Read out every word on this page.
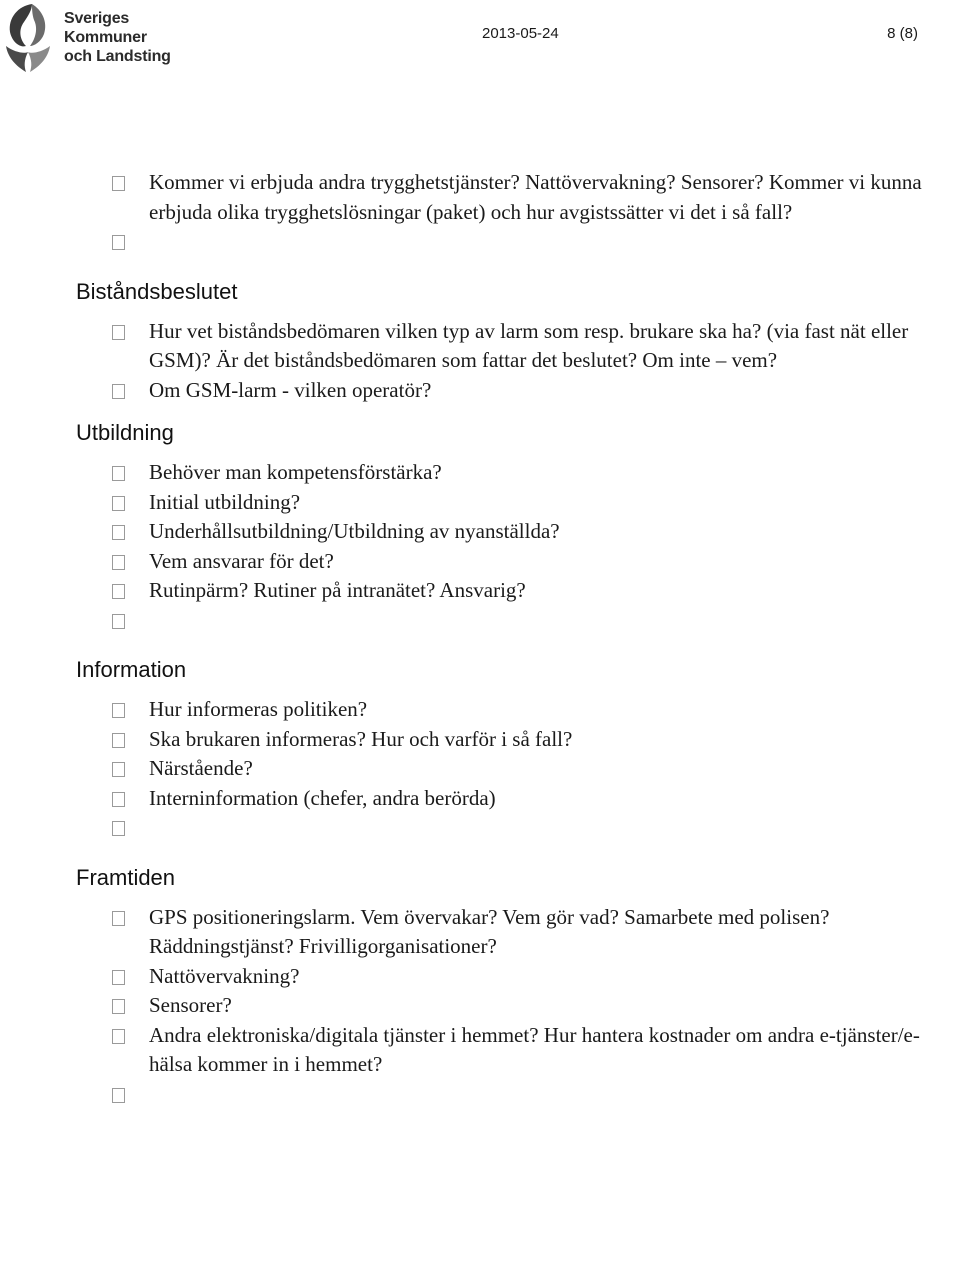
Sveriges
Kommuner
och Landsting
2013-05-24	8 (8)
Kommer vi erbjuda andra trygghetstjänster? Nattövervakning? Sensorer? Kommer vi kunna erbjuda olika trygghetslösningar (paket) och hur avgistssätter vi det i så fall?

Biståndsbeslutet
Hur vet biståndsbedömaren vilken typ av larm som resp. brukare ska ha? (via fast nät eller GSM)? Är det biståndsbedömaren som fattar det beslutet? Om inte – vem?
Om GSM-larm - vilken operatör?
Utbildning
Behöver man kompetensförstärka?
Initial utbildning?
Underhållsutbildning/Utbildning av nyanställda?
Vem ansvarar för det?
Rutinpärm? Rutiner på intranätet? Ansvarig?

Information
Hur informeras politiken?
Ska brukaren informeras? Hur och varför i så fall?
Närstående?
Interninformation (chefer, andra berörda)

Framtiden
GPS positioneringslarm. Vem övervakar? Vem gör vad? Samarbete med polisen? Räddningstjänst? Frivilligorganisationer?
Nattövervakning?
Sensorer?
Andra elektroniska/digitala tjänster i hemmet? Hur hantera kostnader om andra e-tjänster/e-hälsa kommer in i hemmet?
